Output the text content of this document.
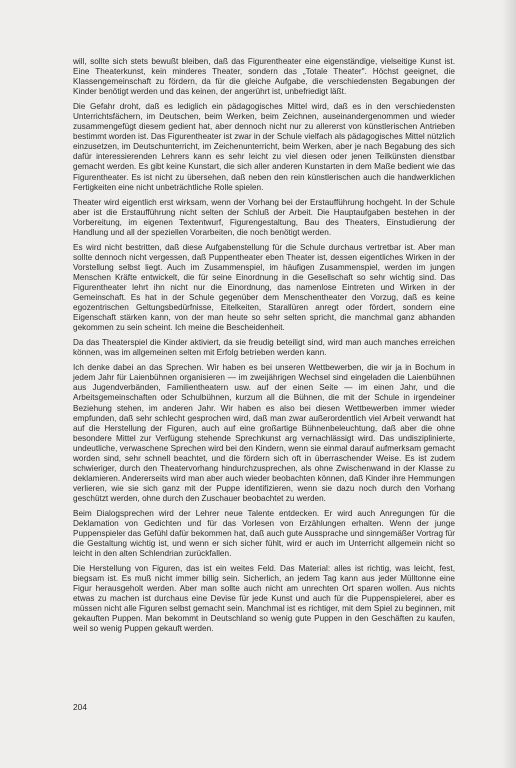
will, sollte sich stets bewußt bleiben, daß das Figurentheater eine eigenständige, vielseitige Kunst ist. Eine Theaterkunst, kein minderes Theater, sondern das „Totale Theater". Höchst geeignet, die Klassengemeinschaft zu fördern, da für die gleiche Aufgabe, die verschiedensten Begabungen der Kinder benötigt werden und das keinen, der angerührt ist, unbefriedigt läßt.

Die Gefahr droht, daß es lediglich ein pädagogisches Mittel wird, daß es in den verschiedensten Unterrichtsfächern, im Deutschen, beim Werken, beim Zeichnen, auseinandergenommen und wieder zusammengefügt diesem gedient hat, aber dennoch nicht nur zu allererst von künstlerischen Antrieben bestimmt worden ist. Das Figurentheater ist zwar in der Schule vielfach als pädagogisches Mittel nützlich einzusetzen, im Deutschunterricht, im Zeichenunterricht, beim Werken, aber je nach Begabung des sich dafür interessierenden Lehrers kann es sehr leicht zu viel diesen oder jenen Teilkünsten dienstbar gemacht werden. Es gibt keine Kunstart, die sich aller anderen Kunstarten in dem Maße bedient wie das Figurentheater. Es ist nicht zu übersehen, daß neben den rein künstlerischen auch die handwerklichen Fertigkeiten eine nicht unbeträchtliche Rolle spielen.

Theater wird eigentlich erst wirksam, wenn der Vorhang bei der Erstaufführung hochgeht. In der Schule aber ist die Erstaufführung nicht selten der Schluß der Arbeit. Die Hauptaufgaben bestehen in der Vorbereitung, im eigenen Textentwurf, Figurengestaltung, Bau des Theaters, Einstudierung der Handlung und all der speziellen Vorarbeiten, die noch benötigt werden.

Es wird nicht bestritten, daß diese Aufgabenstellung für die Schule durchaus vertretbar ist. Aber man sollte dennoch nicht vergessen, daß Puppentheater eben Theater ist, dessen eigentliches Wirken in der Vorstellung selbst liegt. Auch im Zusammenspiel, im häufigen Zusammenspiel, werden im jungen Menschen Kräfte entwickelt, die für seine Einordnung in die Gesellschaft so sehr wichtig sind. Das Figurentheater lehrt ihn nicht nur die Einordnung, das namenlose Eintreten und Wirken in der Gemeinschaft. Es hat in der Schule gegenüber dem Menschentheater den Vorzug, daß es keine egozentrischen Geltungsbedürfnisse, Eitelkeiten, Starallüren anregt oder fördert, sondern eine Eigenschaft stärken kann, von der man heute so sehr selten spricht, die manchmal ganz abhanden gekommen zu sein scheint. Ich meine die Bescheidenheit.

Da das Theaterspiel die Kinder aktiviert, da sie freudig beteiligt sind, wird man auch manches erreichen können, was im allgemeinen selten mit Erfolg betrieben werden kann.

Ich denke dabei an das Sprechen. Wir haben es bei unseren Wettbewerben, die wir ja in Bochum in jedem Jahr für Laienbühnen organisieren — im zweijährigen Wechsel sind eingeladen die Laienbühnen aus Jugendverbänden, Familientheatern usw. auf der einen Seite — im einen Jahr, und die Arbeitsgemeinschaften oder Schulbühnen, kurzum all die Bühnen, die mit der Schule in irgendeiner Beziehung stehen, im anderen Jahr. Wir haben es also bei diesen Wettbewerben immer wieder empfunden, daß sehr schlecht gesprochen wird, daß man zwar außerordentlich viel Arbeit verwandt hat auf die Herstellung der Figuren, auch auf eine großartige Bühnenbeleuchtung, daß aber die ohne besondere Mittel zur Verfügung stehende Sprechkunst arg vernachlässigt wird. Das undisziplinierte, undeutliche, verwaschene Sprechen wird bei den Kindern, wenn sie einmal darauf aufmerksam gemacht worden sind, sehr schnell beachtet, und die fördern sich oft in überraschender Weise. Es ist zudem schwieriger, durch den Theatervorhang hindurchzusprechen, als ohne Zwischenwand in der Klasse zu deklamieren. Andererseits wird man aber auch wieder beobachten können, daß Kinder ihre Hemmungen verlieren, wie sie sich ganz mit der Puppe identifizieren, wenn sie dazu noch durch den Vorhang geschützt werden, ohne durch den Zuschauer beobachtet zu werden.

Beim Dialogsprechen wird der Lehrer neue Talente entdecken. Er wird auch Anregungen für die Deklamation von Gedichten und für das Vorlesen von Erzählungen erhalten. Wenn der junge Puppenspieler das Gefühl dafür bekommen hat, daß auch gute Aussprache und sinngemäßer Vortrag für die Gestaltung wichtig ist, und wenn er sich sicher fühlt, wird er auch im Unterricht allgemein nicht so leicht in den alten Schlendrian zurückfallen.

Die Herstellung von Figuren, das ist ein weites Feld. Das Material: alles ist richtig, was leicht, fest, biegsam ist. Es muß nicht immer billig sein. Sicherlich, an jedem Tag kann aus jeder Mülltonne eine Figur herausgeholt werden. Aber man sollte auch nicht am unrechten Ort sparen wollen. Aus nichts etwas zu machen ist durchaus eine Devise für jede Kunst und auch für die Puppenspielerei, aber es müssen nicht alle Figuren selbst gemacht sein. Manchmal ist es richtiger, mit dem Spiel zu beginnen, mit gekauften Puppen. Man bekommt in Deutschland so wenig gute Puppen in den Geschäften zu kaufen, weil so wenig Puppen gekauft werden.

204
